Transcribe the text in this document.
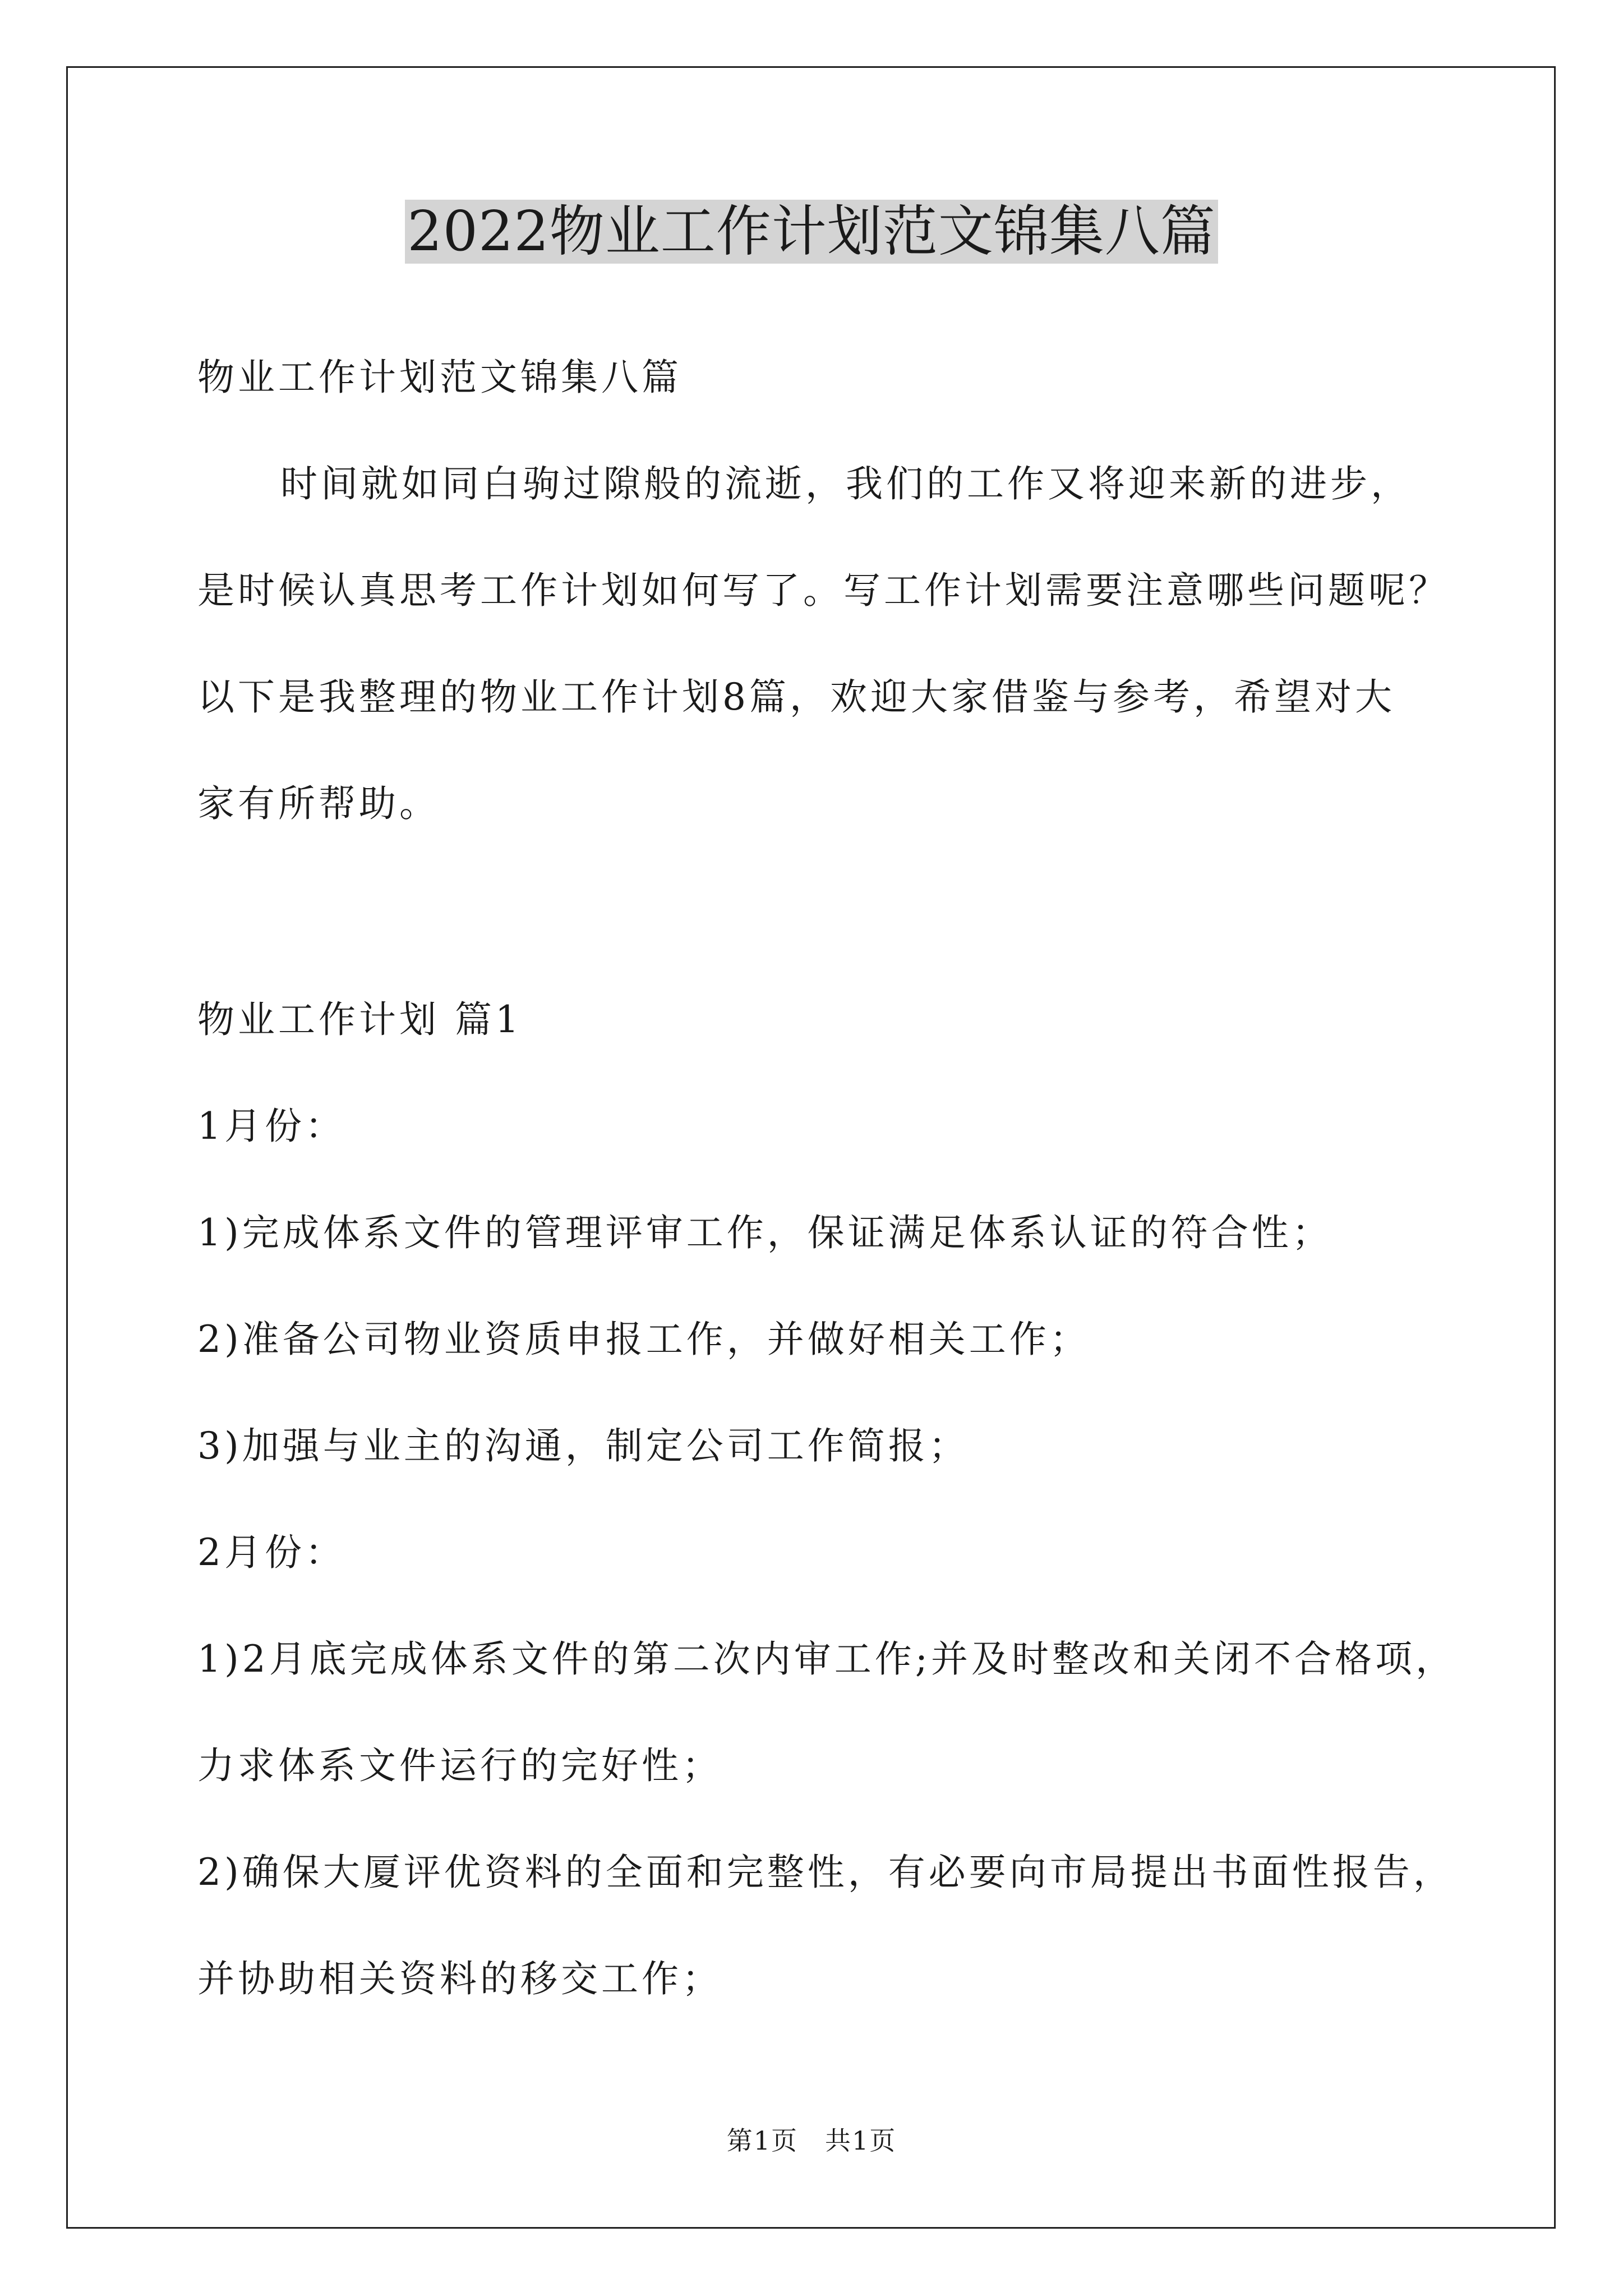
2022物业工作计划范文锦集八篇
物业工作计划范文锦集八篇
时间就如同白驹过隙般的流逝，我们的工作又将迎来新的进步，
是时候认真思考工作计划如何写了。写工作计划需要注意哪些问题呢？
以下是我整理的物业工作计划8篇，欢迎大家借鉴与参考，希望对大
家有所帮助。
物业工作计划 篇1
1月份：
1)完成体系文件的管理评审工作，保证满足体系认证的符合性；
2)准备公司物业资质申报工作，并做好相关工作；
3)加强与业主的沟通，制定公司工作简报；
2月份：
1)2月底完成体系文件的第二次内审工作;并及时整改和关闭不合格项，
力求体系文件运行的完好性；
2)确保大厦评优资料的全面和完整性，有必要向市局提出书面性报告，
并协助相关资料的移交工作；
第1页　共1页
